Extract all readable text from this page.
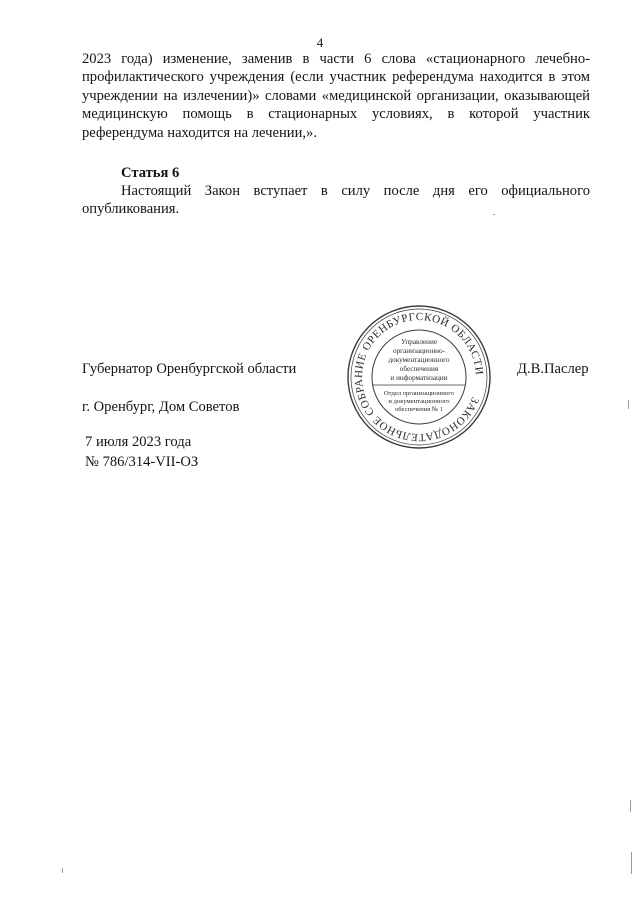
4

2023 года) изменение, заменив в части 6 слова «стационарного лечебно-профилактического учреждения (если участник референдума находится в этом учреждении на излечении)» словами «медицинской организации, оказывающей медицинскую помощь в стационарных условиях, в которой участник референдума находится на лечении,».

Статья 6

Настоящий Закон вступает в силу после дня его официального опубликования.

Губернатор Оренбургской области	Д.В.Паслер
г. Оренбург, Дом Советов
7 июля 2023 года
№ 786/314-VII-ОЗ
ЗАКОНОДАТЕЛЬНОЕ СОБРАНИЕ ОРЕНБУРГСКОЙ ОБЛАСТИ
Управление
организационно-
документационного
обеспечения
и информатизации
Отдел организационного
и документационного
обеспечения № 1
